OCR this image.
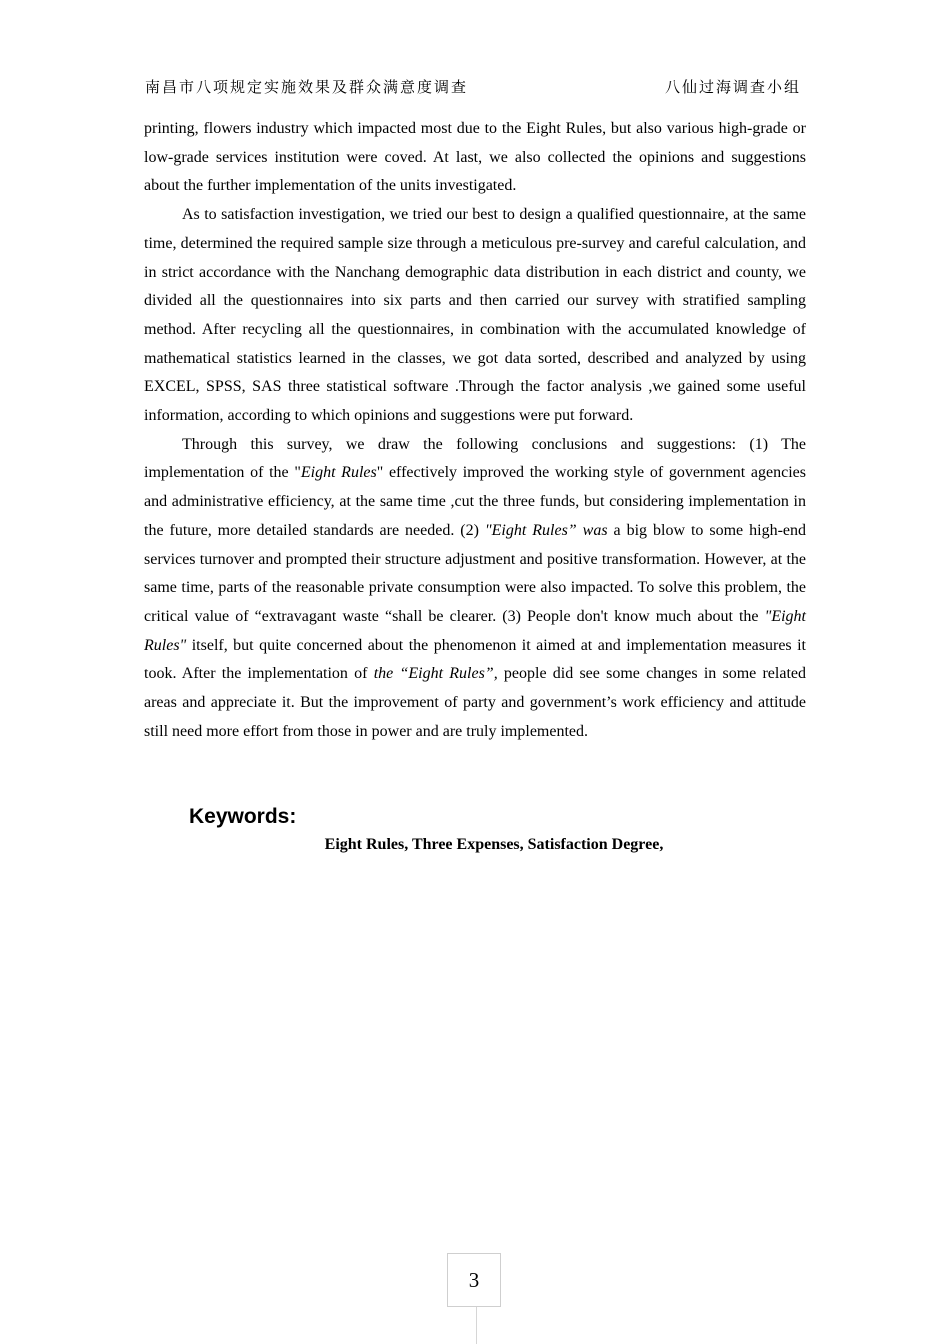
南昌市八项规定实施效果及群众满意度调查	八仙过海调查小组

printing, flowers industry which impacted most due to the Eight Rules, but also various high-grade or low-grade services institution were coved. At last, we also collected the opinions and suggestions about the further implementation of the units investigated.

As to satisfaction investigation, we tried our best to design a qualified questionnaire, at the same time, determined the required sample size through a meticulous pre-survey and careful calculation, and in strict accordance with the Nanchang demographic data distribution in each district and county, we divided all the questionnaires into six parts and then carried our survey with stratified sampling method. After recycling all the questionnaires, in combination with the accumulated knowledge of mathematical statistics learned in the classes, we got data sorted, described and analyzed by using EXCEL, SPSS, SAS three statistical software .Through the factor analysis ,we gained some useful information, according to which opinions and suggestions were put forward.

Through this survey, we draw the following conclusions and suggestions: (1) The implementation of the "Eight Rules" effectively improved the working style of government agencies and administrative efficiency, at the same time ,cut the three funds, but considering implementation in the future, more detailed standards are needed. (2) "Eight Rules” was a big blow to some high-end services turnover and prompted their structure adjustment and positive transformation. However, at the same time, parts of the reasonable private consumption were also impacted. To solve this problem, the critical value of “extravagant waste “shall be clearer. (3) People don't know much about the "Eight Rules" itself, but quite concerned about the phenomenon it aimed at and implementation measures it took. After the implementation of the “Eight Rules”, people did see some changes in some related areas and appreciate it. But the improvement of party and government’s work efficiency and attitude still need more effort from those in power and are truly implemented.

Keywords:
Eight Rules, Three Expenses, Satisfaction Degree,
3
